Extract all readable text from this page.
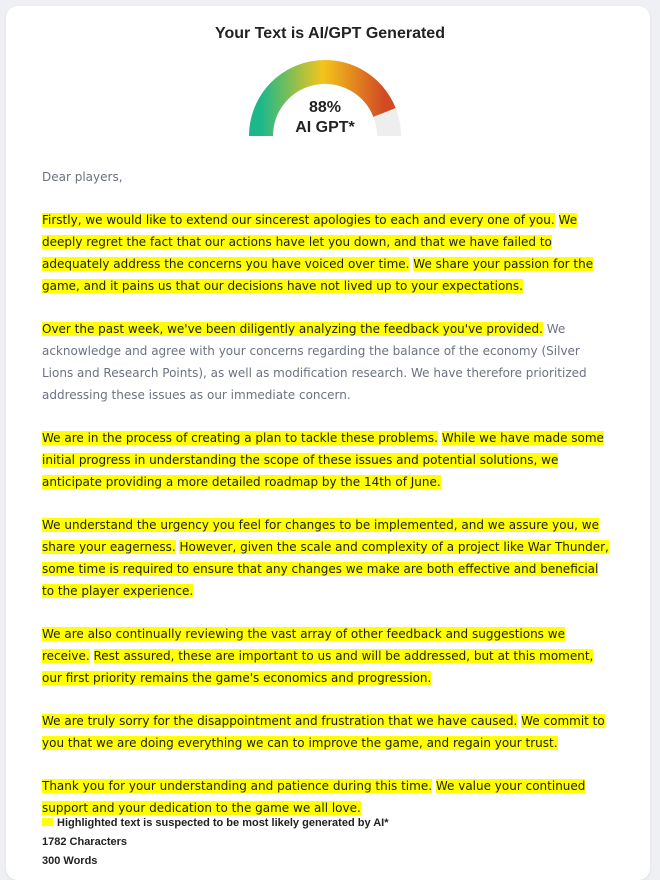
Your Text is AI/GPT Generated
88%
AI GPT*

Dear players,

Firstly, we would like to extend our sincerest apologies to each and every one of you. We deeply regret the fact that our actions have let you down, and that we have failed to adequately address the concerns you have voiced over time. We share your passion for the game, and it pains us that our decisions have not lived up to your expectations.

Over the past week, we've been diligently analyzing the feedback you've provided. We acknowledge and agree with your concerns regarding the balance of the economy (Silver Lions and Research Points), as well as modification research. We have therefore prioritized addressing these issues as our immediate concern.

We are in the process of creating a plan to tackle these problems. While we have made some initial progress in understanding the scope of these issues and potential solutions, we anticipate providing a more detailed roadmap by the 14th of June.

We understand the urgency you feel for changes to be implemented, and we assure you, we share your eagerness. However, given the scale and complexity of a project like War Thunder, some time is required to ensure that any changes we make are both effective and beneficial to the player experience.

We are also continually reviewing the vast array of other feedback and suggestions we receive. Rest assured, these are important to us and will be addressed, but at this moment, our first priority remains the game's economics and progression.

We are truly sorry for the disappointment and frustration that we have caused. We commit to you that we are doing everything we can to improve the game, and regain your trust.

Thank you for your understanding and patience during this time. We value your continued support and your dedication to the game we all love.

Highlighted text is suspected to be most likely generated by AI*
1782 Characters
300 Words
